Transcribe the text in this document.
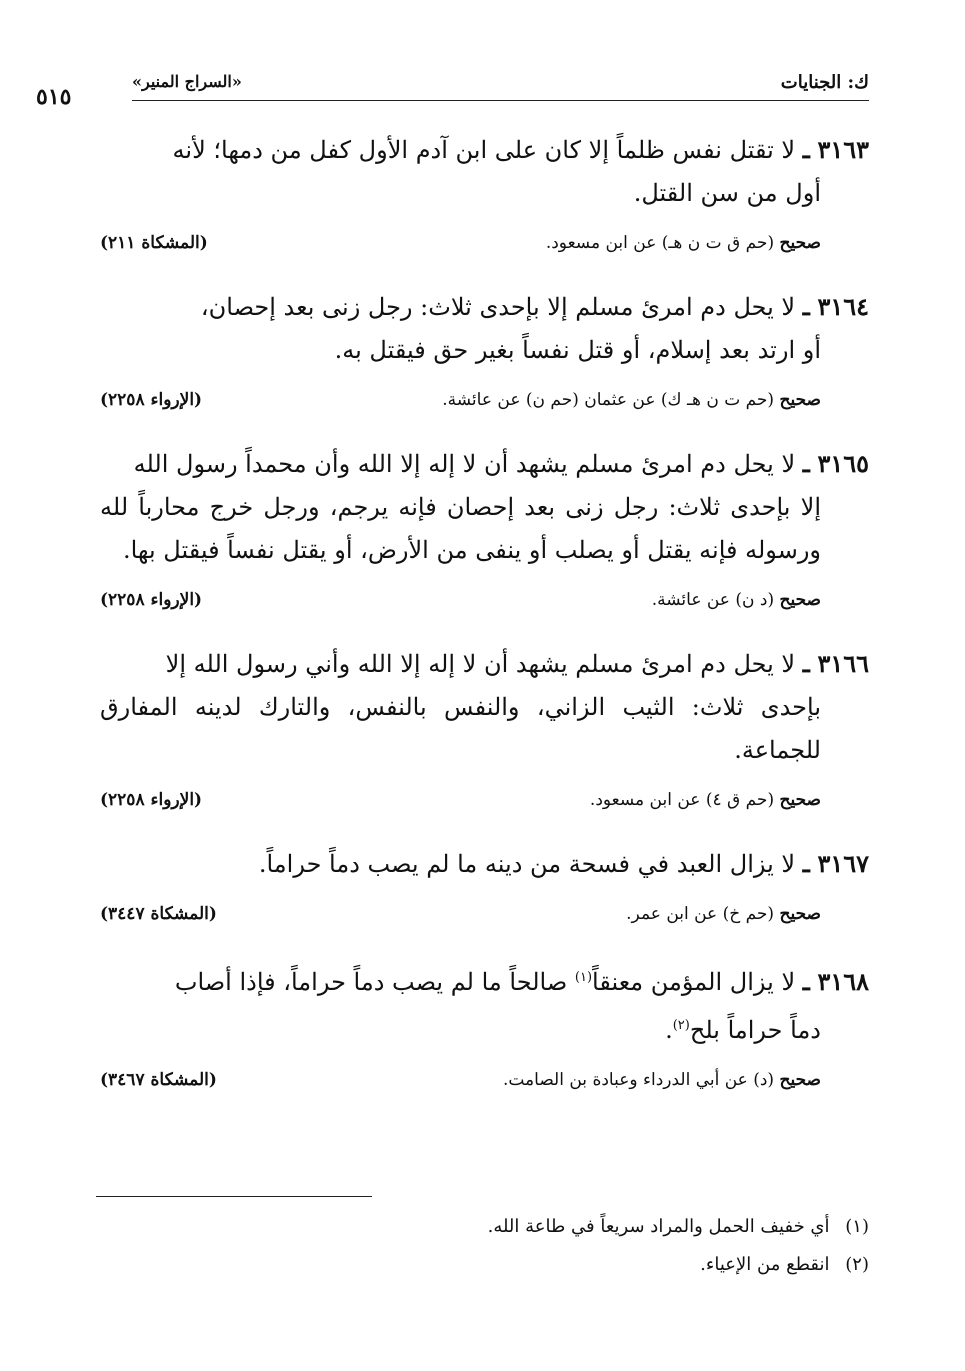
ك: الجنايات
«السراج المنير»
٥١٥
٣١٦٣ ـ لا تقتل نفس ظلماً إلا كان على ابن آدم الأول كفل من دمها؛ لأنه
أول من سن القتل.
صحيح (حم ق ت ن هـ) عن ابن مسعود.
(المشكاة ٢١١)
٣١٦٤ ـ لا يحل دم امرئ مسلم إلا بإحدى ثلاث: رجل زنى بعد إحصان،
أو ارتد بعد إسلام، أو قتل نفساً بغير حق فيقتل به.
صحيح (حم ت ن هـ ك) عن عثمان (حم ن) عن عائشة.
(الإرواء ٢٢٥٨)
٣١٦٥ ـ لا يحل دم امرئ مسلم يشهد أن لا إله إلا الله وأن محمداً رسول الله
إلا بإحدى ثلاث: رجل زنى بعد إحصان فإنه يرجم، ورجل خرج محارباً لله ورسوله فإنه يقتل أو يصلب أو ينفى من الأرض، أو يقتل نفساً فيقتل بها.
صحيح (د ن) عن عائشة.
(الإرواء ٢٢٥٨)
٣١٦٦ ـ لا يحل دم امرئ مسلم يشهد أن لا إله إلا الله وأني رسول الله إلا
بإحدى ثلاث: الثيب الزاني، والنفس بالنفس، والتارك لدينه المفارق للجماعة.
صحيح (حم ق ٤) عن ابن مسعود.
(الإرواء ٢٢٥٨)
٣١٦٧ ـ لا يزال العبد في فسحة من دينه ما لم يصب دماً حراماً.
صحيح (حم خ) عن ابن عمر.
(المشكاة ٣٤٤٧)
٣١٦٨ ـ لا يزال المؤمن معنقاً$^{(١)}$ صالحاً ما لم يصب دماً حراماً، فإذا أصاب
دماً حراماً بلح$^{(٢)}$.
صحيح (د) عن أبي الدرداء وعبادة بن الصامت.
(المشكاة ٣٤٦٧)
(١) أي خفيف الحمل والمراد سريعاً في طاعة الله.
(٢) انقطع من الإعياء.
